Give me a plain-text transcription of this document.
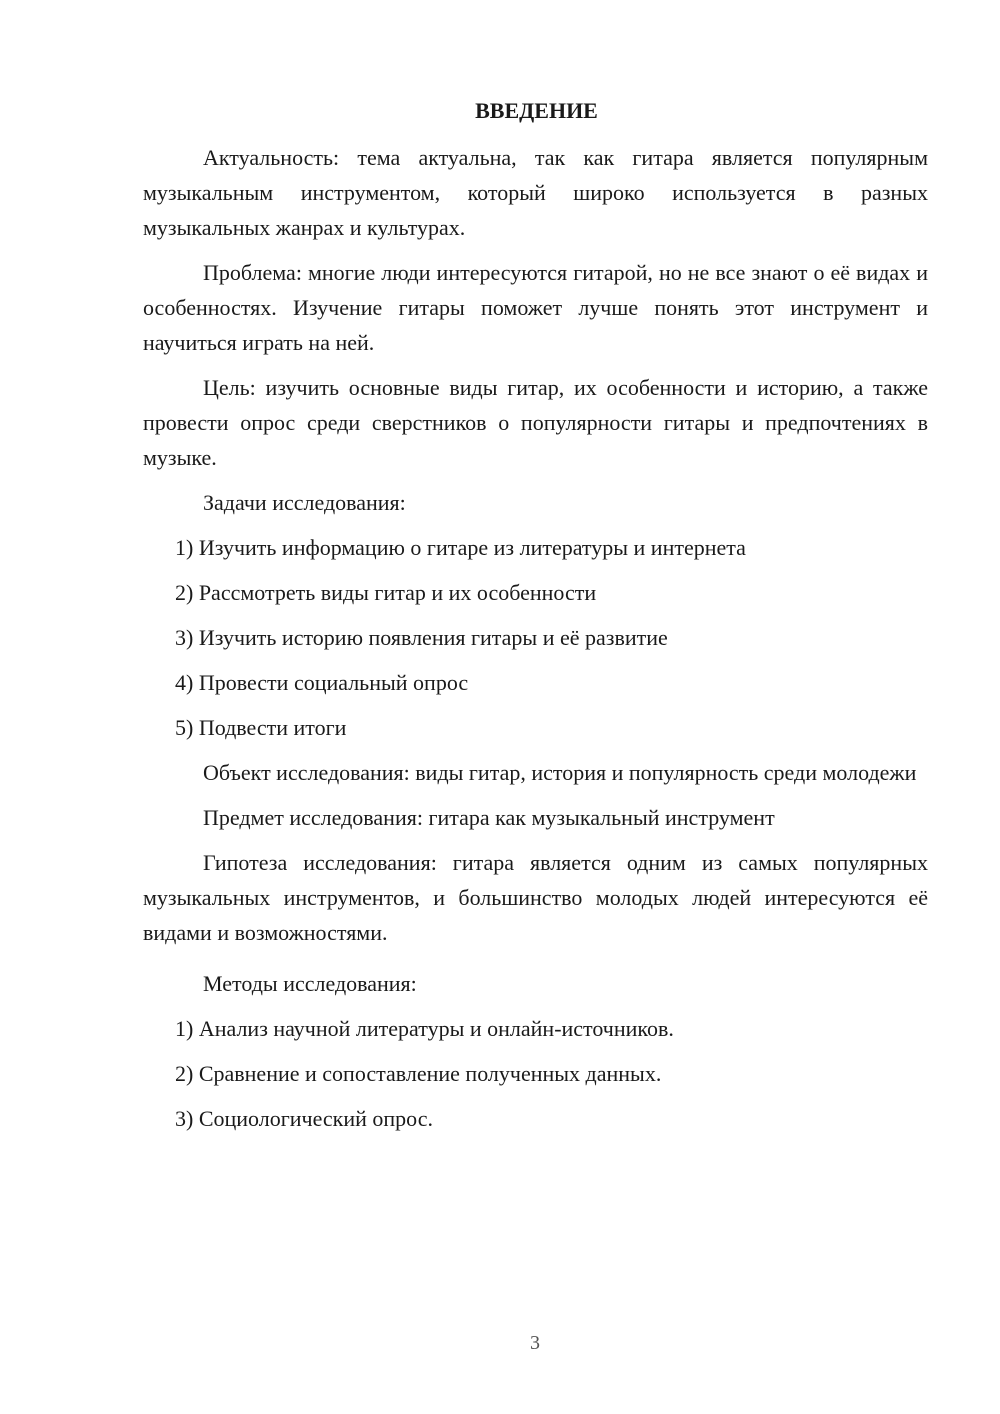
ВВЕДЕНИЕ

Актуальность: тема актуальна, так как гитара является популярным музыкальным инструментом, который широко используется в разных музыкальных жанрах и культурах.

Проблема: многие люди интересуются гитарой, но не все знают о её видах и особенностях. Изучение гитары поможет лучше понять этот инструмент и научиться играть на ней.

Цель: изучить основные виды гитар, их особенности и историю, а также провести опрос среди сверстников о популярности гитары и предпочтениях в музыке.

Задачи исследования:

1) Изучить информацию о гитаре из литературы и интернета

2) Рассмотреть виды гитар и их особенности

3) Изучить историю появления гитары и её развитие

4) Провести социальный опрос

5) Подвести итоги

Объект исследования: виды гитар, история и популярность среди молодежи

Предмет исследования: гитара как музыкальный инструмент

Гипотеза исследования: гитара является одним из самых популярных музыкальных инструментов, и большинство молодых людей интересуются её видами и возможностями.

Методы исследования:

1) Анализ научной литературы и онлайн-источников.

2) Сравнение и сопоставление полученных данных.

3) Социологический опрос.

3
